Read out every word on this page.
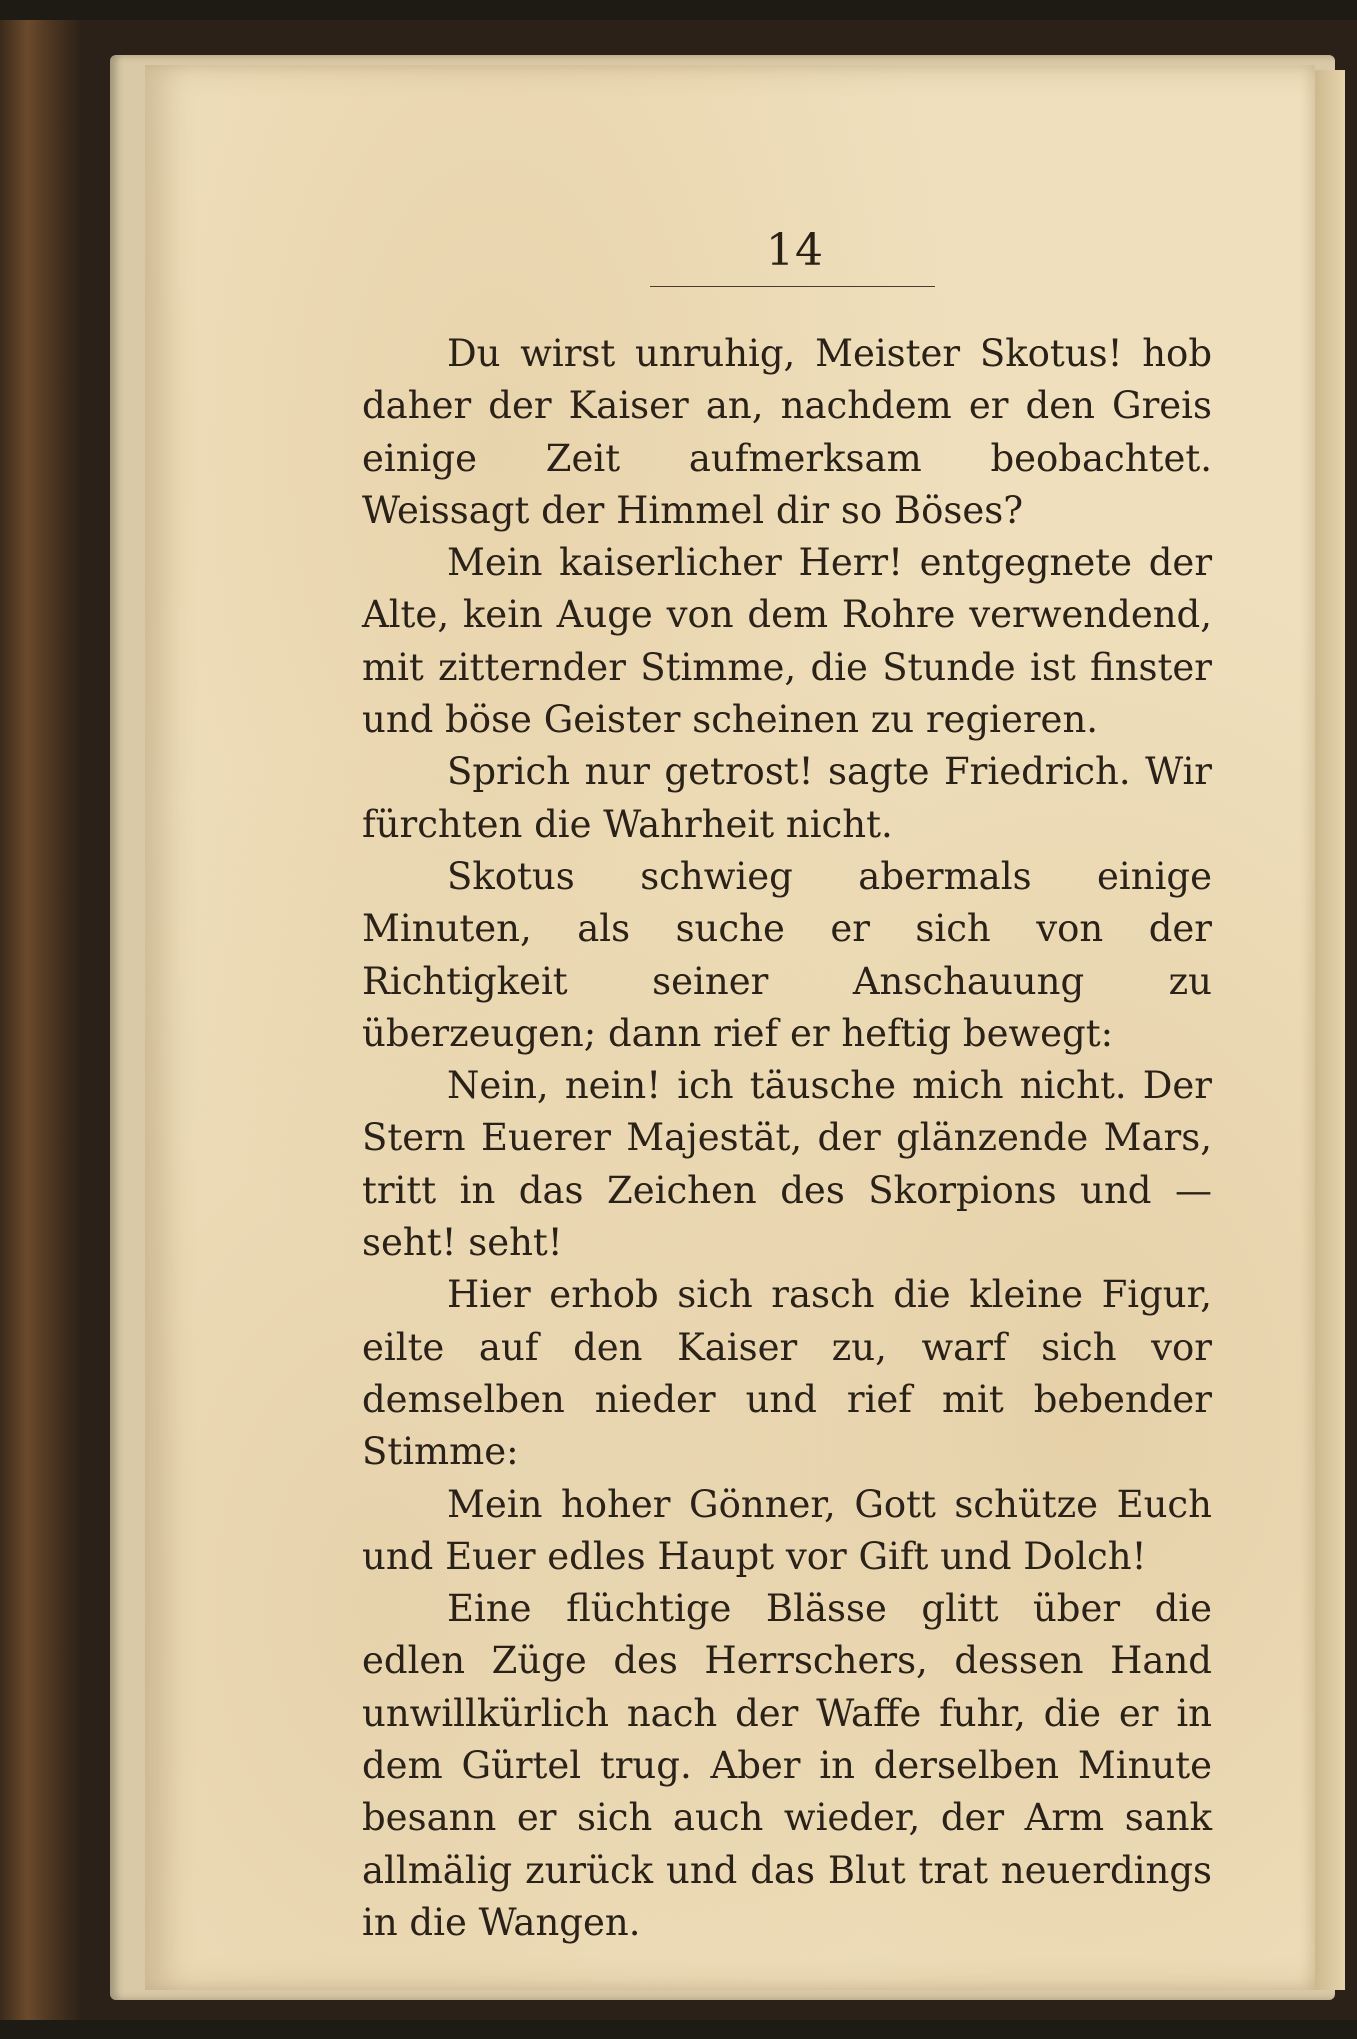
14

Du wirst unruhig, Meister Skotus! hob daher der Kaiser an, nachdem er den Greis einige Zeit aufmerksam beobachtet. Weissagt der Himmel dir so Böses?

Mein kaiserlicher Herr! entgegnete der Alte, kein Auge von dem Rohre verwendend, mit zitternder Stimme, die Stunde ist finster und böse Geister scheinen zu regieren.

Sprich nur getrost! sagte Friedrich. Wir fürchten die Wahrheit nicht.

Skotus schwieg abermals einige Minuten, als suche er sich von der Richtigkeit seiner Anschauung zu überzeugen; dann rief er heftig bewegt:

Nein, nein! ich täusche mich nicht. Der Stern Euerer Majestät, der glänzende Mars, tritt in das Zeichen des Skorpions und — seht! seht!

Hier erhob sich rasch die kleine Figur, eilte auf den Kaiser zu, warf sich vor demselben nieder und rief mit bebender Stimme:

Mein hoher Gönner, Gott schütze Euch und Euer edles Haupt vor Gift und Dolch!

Eine flüchtige Blässe glitt über die edlen Züge des Herrschers, dessen Hand unwillkürlich nach der Waffe fuhr, die er in dem Gürtel trug. Aber in derselben Minute besann er sich auch wieder, der Arm sank allmälig zurück und das Blut trat neuerdings in die Wangen.
